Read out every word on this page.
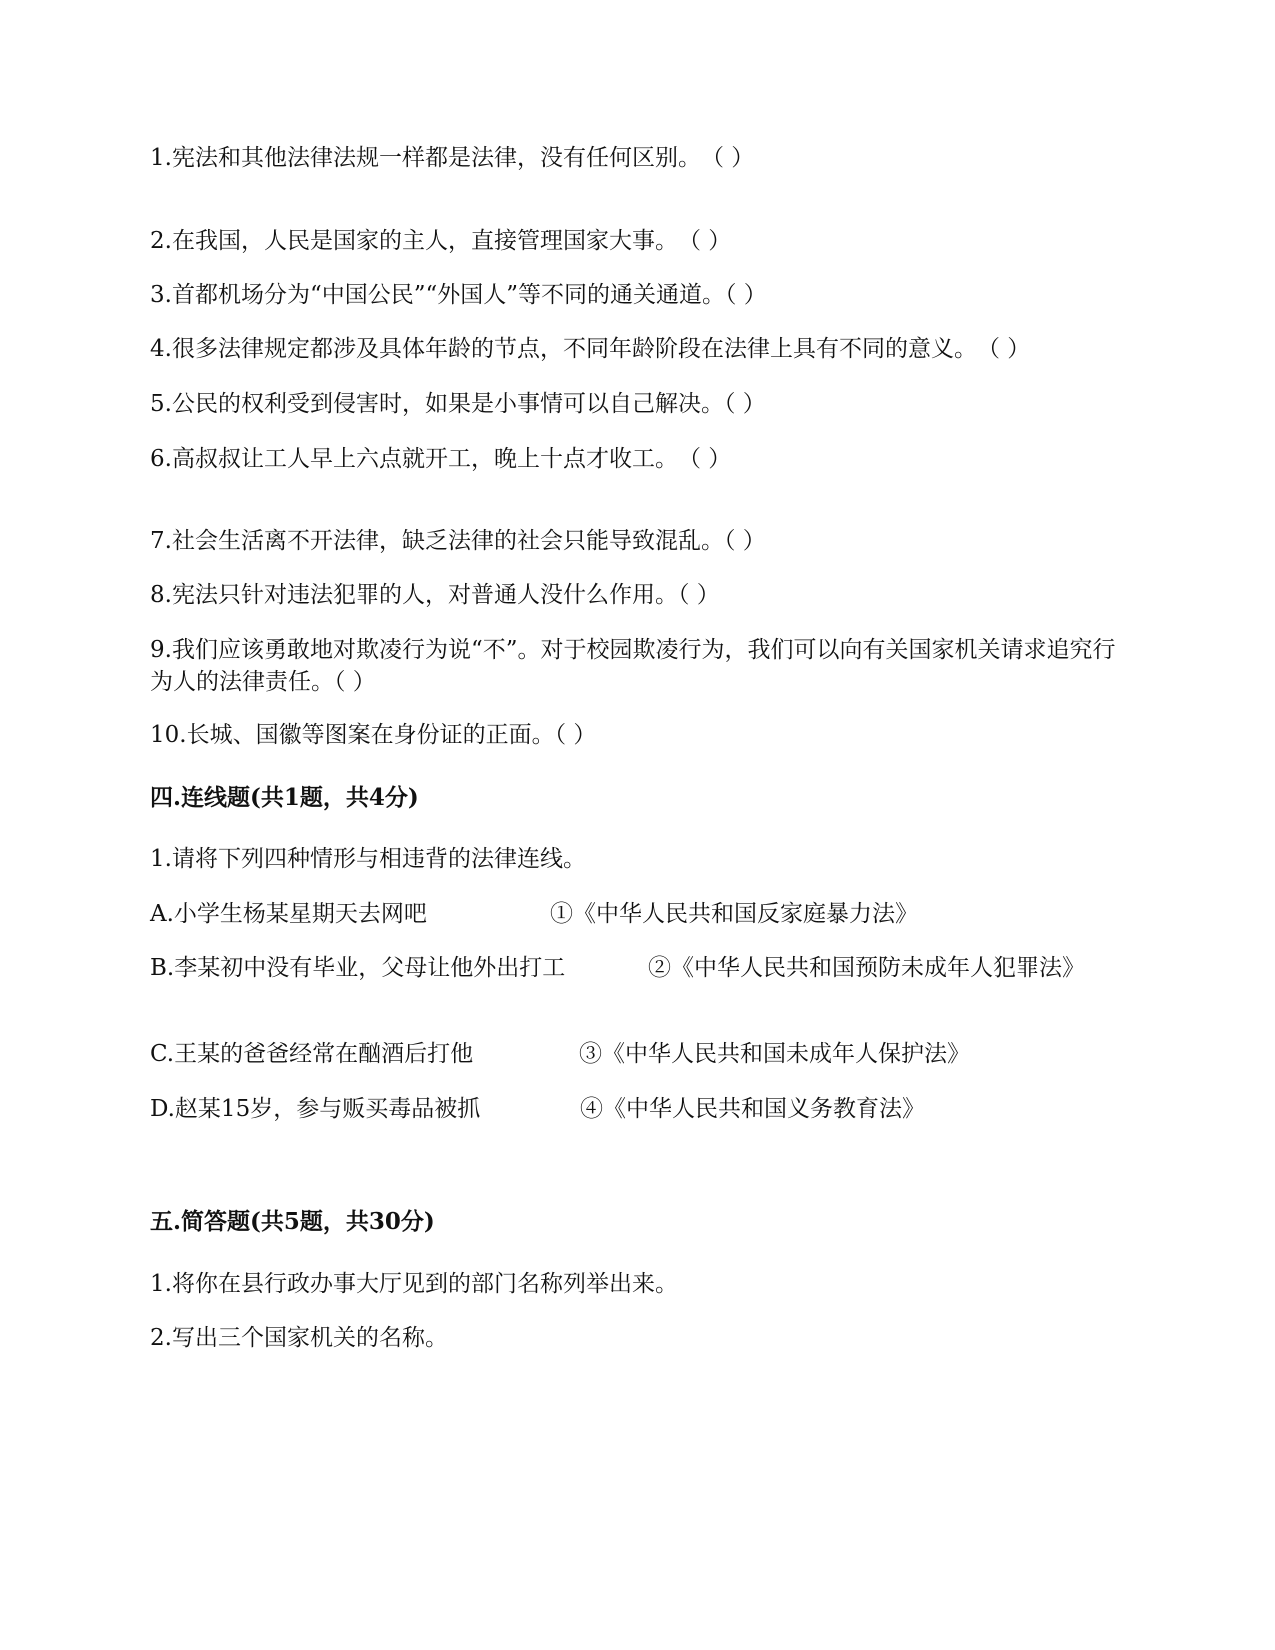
1.宪法和其他法律法规一样都是法律，没有任何区别。　（ ）
2.在我国，人民是国家的主人，直接管理国家大事。　（ ）
3.首都机场分为“中国公民”“外国人”等不同的通关通道。（ ）
4.很多法律规定都涉及具体年龄的节点，不同年龄阶段在法律上具有不同的意义。　（ ）
5.公民的权利受到侵害时，如果是小事情可以自己解决。（ ）
6.高叔叔让工人早上六点就开工，晚上十点才收工。　（ ）
7.社会生活离不开法律，缺乏法律的社会只能导致混乱。（ ）
8.宪法只针对违法犯罪的人，对普通人没什么作用。（ ）
9.我们应该勇敢地对欺凌行为说“不”。对于校园欺凌行为，我们可以向有关国家机关请求追究行为人的法律责任。（ ）
10.长城、国徽等图案在身份证的正面。（ ）
四.连线题(共1题，共4分)
1.请将下列四种情形与相违背的法律连线。
A.小学生杨某星期天去网吧	①《中华人民共和国反家庭暴力法》
B.李某初中没有毕业，父母让他外出打工	②《中华人民共和国预防未成年人犯罪法》
C.王某的爸爸经常在酗酒后打他	③《中华人民共和国未成年人保护法》
D.赵某15岁，参与贩买毒品被抓	④《中华人民共和国义务教育法》
五.简答题(共5题，共30分)
1.将你在县行政办事大厅见到的部门名称列举出来。
2.写出三个国家机关的名称。
